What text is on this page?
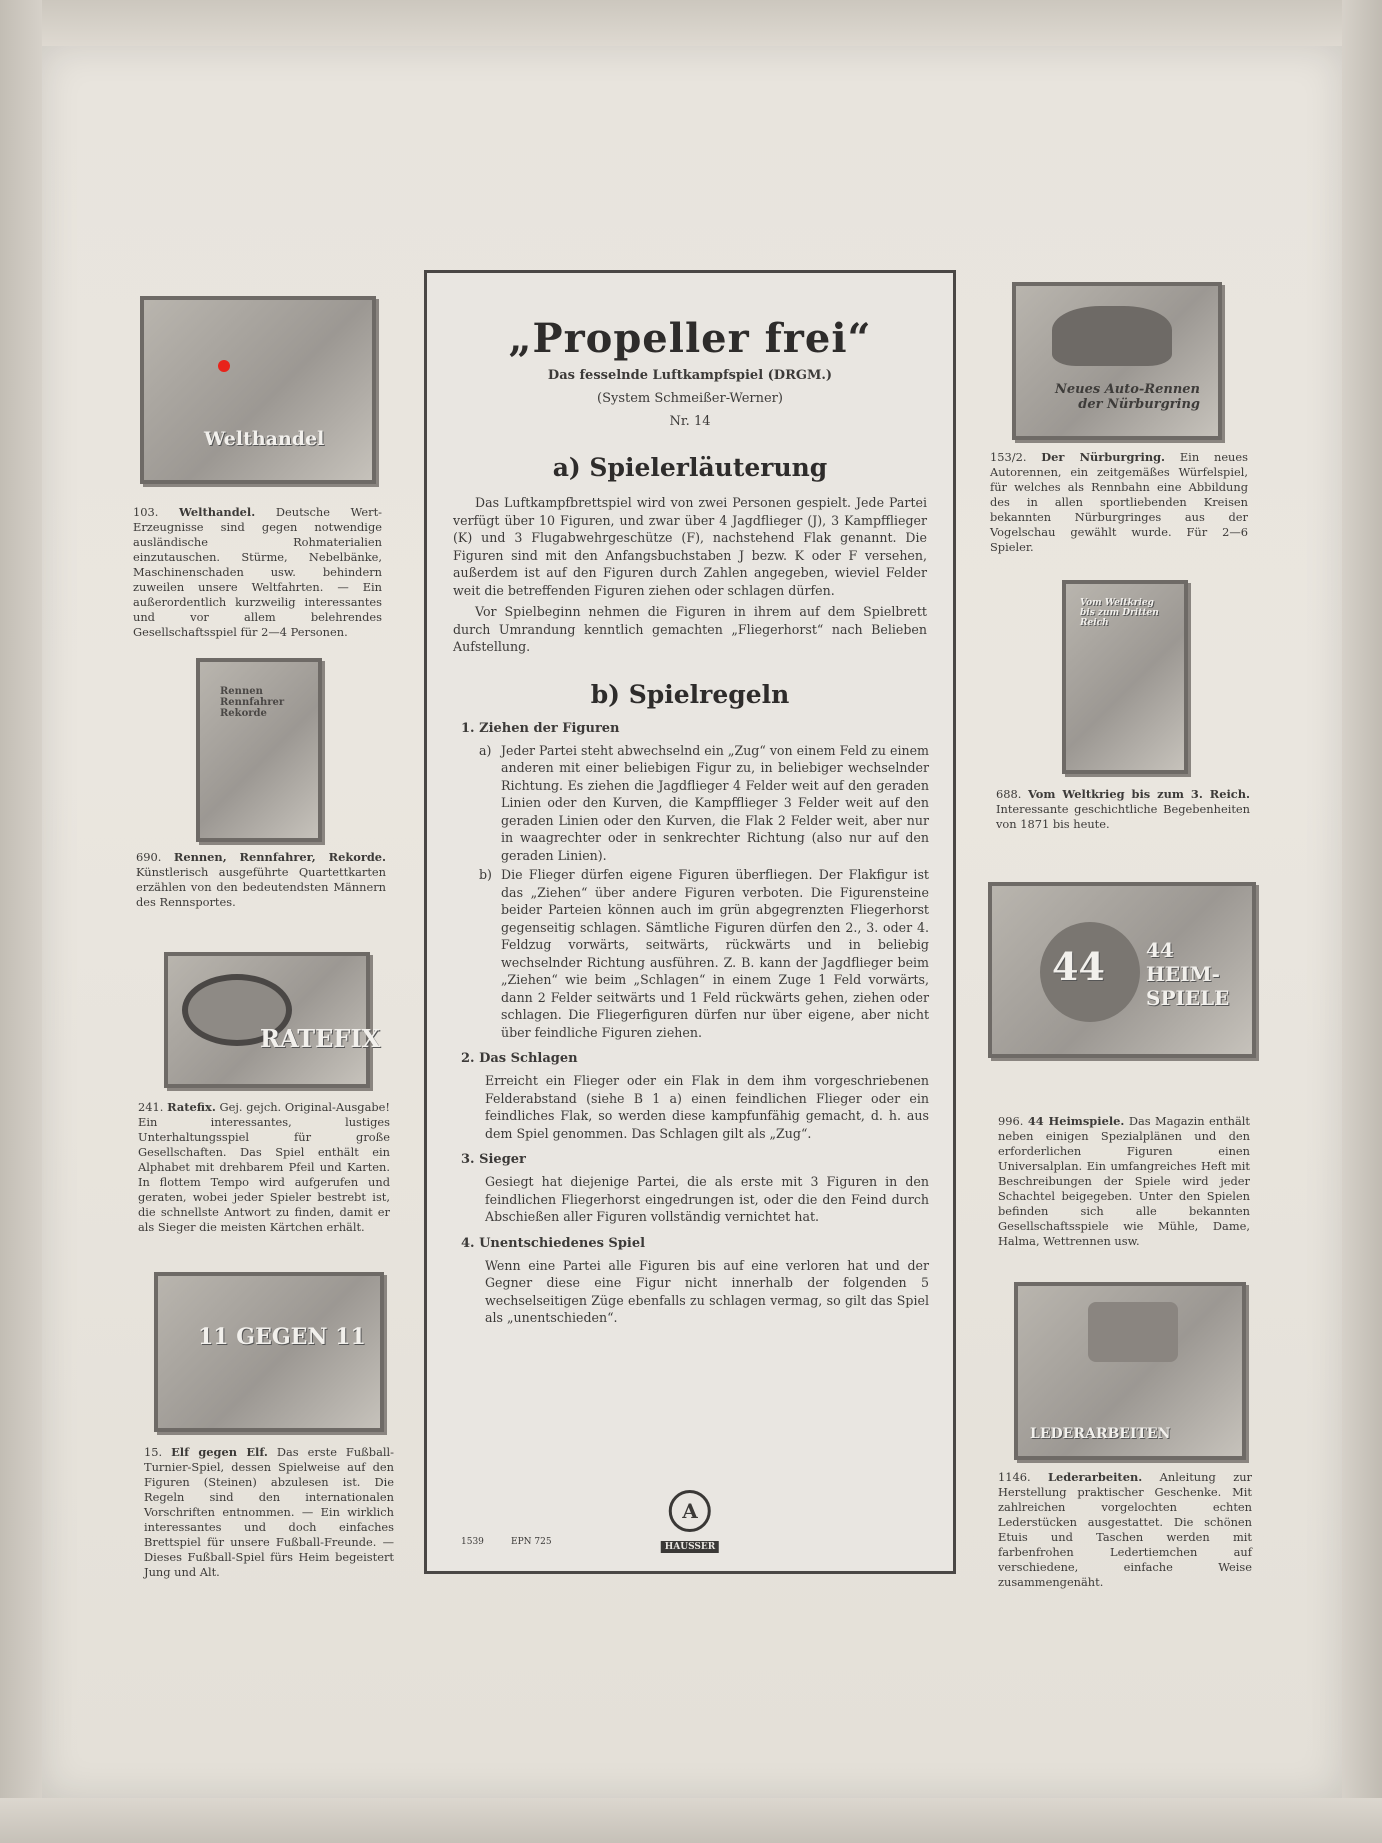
Welthandel
103. Welthandel. Deutsche Wert-Erzeugnisse sind gegen notwendige ausländische Rohmaterialien einzutauschen. Stürme, Nebelbänke, Maschinenschaden usw. behindern zuweilen unsere Weltfahrten. — Ein außerordentlich kurzweilig interessantes und vor allem belehrendes Gesellschaftsspiel für 2—4 Personen.
Rennen Rennfahrer Rekorde
690. Rennen, Rennfahrer, Rekorde. Künstlerisch ausgeführte Quartettkarten erzählen von den bedeutendsten Männern des Rennsportes.
RATEFIX
241. Ratefix. Gej. gejch. Original-Ausgabe! Ein interessantes, lustiges Unterhaltungsspiel für große Gesellschaften. Das Spiel enthält ein Alphabet mit drehbarem Pfeil und Karten. In flottem Tempo wird aufgerufen und geraten, wobei jeder Spieler bestrebt ist, die schnellste Antwort zu finden, damit er als Sieger die meisten Kärtchen erhält.
11 GEGEN 11
15. Elf gegen Elf. Das erste Fußball-Turnier-Spiel, dessen Spielweise auf den Figuren (Steinen) abzulesen ist. Die Regeln sind den internationalen Vorschriften entnommen. — Ein wirklich interessantes und doch einfaches Brettspiel für unsere Fußball-Freunde. — Dieses Fußball-Spiel fürs Heim begeistert Jung und Alt.
„Propeller frei“
Das fesselnde Luftkampfspiel (DRGM.)
(System Schmeißer-Werner)
Nr. 14
a) Spielerläuterung

Das Luftkampfbrettspiel wird von zwei Personen gespielt. Jede Partei verfügt über 10 Figuren, und zwar über 4 Jagdflieger (J), 3 Kampfflieger (K) und 3 Flugabwehrgeschütze (F), nachstehend Flak genannt. Die Figuren sind mit den Anfangsbuchstaben J bezw. K oder F versehen, außerdem ist auf den Figuren durch Zahlen angegeben, wieviel Felder weit die betreffenden Figuren ziehen oder schlagen dürfen.

Vor Spielbeginn nehmen die Figuren in ihrem auf dem Spielbrett durch Umrandung kenntlich gemachten „Fliegerhorst“ nach Belieben Aufstellung.

b) Spielregeln
1. Ziehen der Figuren
a) Jeder Partei steht abwechselnd ein „Zug“ von einem Feld zu einem anderen mit einer beliebigen Figur zu, in beliebiger wechselnder Richtung. Es ziehen die Jagdflieger 4 Felder weit auf den geraden Linien oder den Kurven, die Kampfflieger 3 Felder weit auf den geraden Linien oder den Kurven, die Flak 2 Felder weit, aber nur in waagrechter oder in senkrechter Richtung (also nur auf den geraden Linien).
b) Die Flieger dürfen eigene Figuren überfliegen. Der Flakfigur ist das „Ziehen“ über andere Figuren verboten. Die Figurensteine beider Parteien können auch im grün abgegrenzten Fliegerhorst gegenseitig schlagen. Sämtliche Figuren dürfen den 2., 3. oder 4. Feldzug vorwärts, seitwärts, rückwärts und in beliebig wechselnder Richtung ausführen. Z. B. kann der Jagdflieger beim „Ziehen“ wie beim „Schlagen“ in einem Zuge 1 Feld vorwärts, dann 2 Felder seitwärts und 1 Feld rückwärts gehen, ziehen oder schlagen. Die Fliegerfiguren dürfen nur über eigene, aber nicht über feindliche Figuren ziehen.
2. Das Schlagen
Erreicht ein Flieger oder ein Flak in dem ihm vorgeschriebenen Felderabstand (siehe B 1 a) einen feindlichen Flieger oder ein feindliches Flak, so werden diese kampfunfähig gemacht, d. h. aus dem Spiel genommen. Das Schlagen gilt als „Zug“.
3. Sieger
Gesiegt hat diejenige Partei, die als erste mit 3 Figuren in den feindlichen Fliegerhorst eingedrungen ist, oder die den Feind durch Abschießen aller Figuren vollständig vernichtet hat.
4. Unentschiedenes Spiel
Wenn eine Partei alle Figuren bis auf eine verloren hat und der Gegner diese eine Figur nicht innerhalb der folgenden 5 wechselseitigen Züge ebenfalls zu schlagen vermag, so gilt das Spiel als „unentschieden“.
1539	EPN 725
A
HAUSSER
Neues Auto-Rennen der Nürburgring
153/2. Der Nürburgring. Ein neues Autorennen, ein zeitgemäßes Würfelspiel, für welches als Rennbahn eine Abbildung des in allen sportliebenden Kreisen bekannten Nürburgringes aus der Vogelschau gewählt wurde. Für 2—6 Spieler.
Vom Weltkrieg bis zum Dritten Reich
688. Vom Weltkrieg bis zum 3. Reich. Interessante geschichtliche Begebenheiten von 1871 bis heute.
44 44 HEIM-SPIELE
996. 44 Heimspiele. Das Magazin enthält neben einigen Spezialplänen und den erforderlichen Figuren einen Universalplan. Ein umfangreiches Heft mit Beschreibungen der Spiele wird jeder Schachtel beigegeben. Unter den Spielen befinden sich alle bekannten Gesellschaftsspiele wie Mühle, Dame, Halma, Wettrennen usw.
LEDERARBEITEN
1146. Lederarbeiten. Anleitung zur Herstellung praktischer Geschenke. Mit zahlreichen vorgelochten echten Lederstücken ausgestattet. Die schönen Etuis und Taschen werden mit farbenfrohen Ledertiemchen auf verschiedene, einfache Weise zusammengenäht.
